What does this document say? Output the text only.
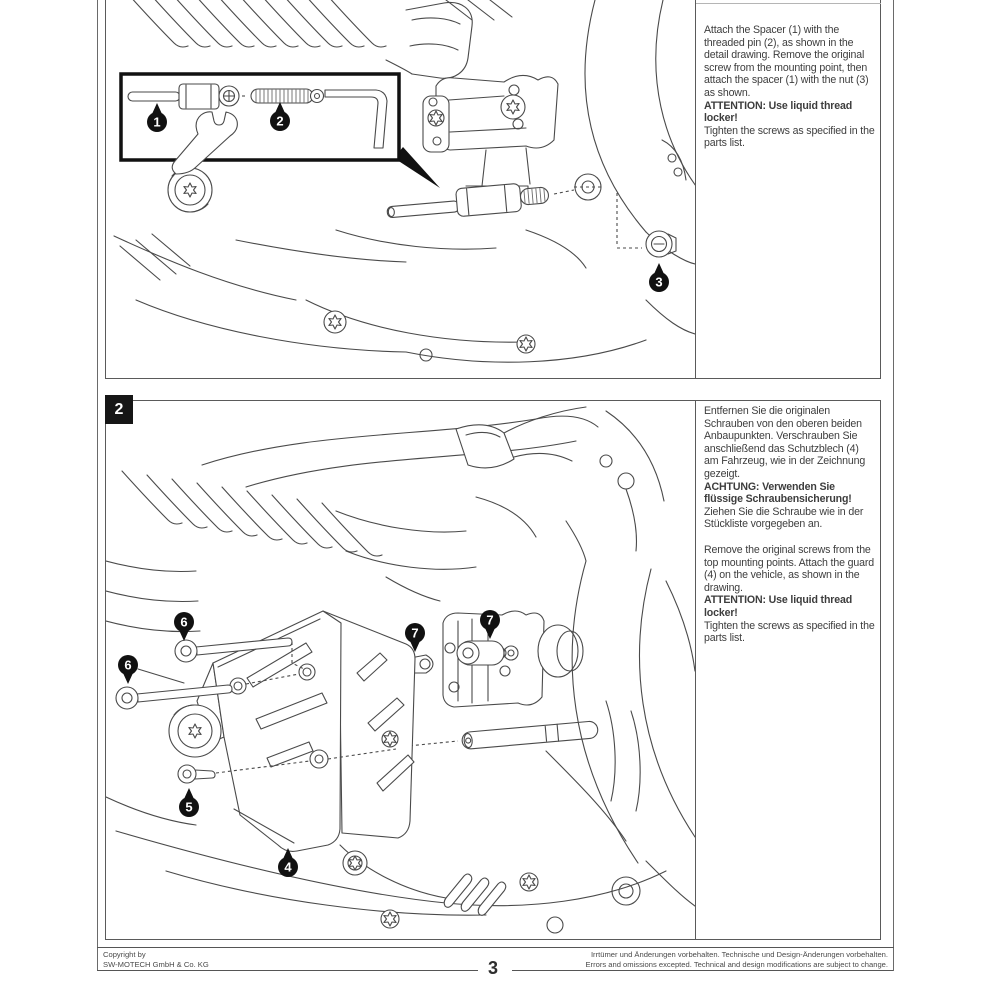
1	2
3

Attach the Spacer (1) with the threaded pin (2), as shown in the detail drawing. Remove the original screw from the mounting point, then attach the spacer (1) with the nut (3) as shown.

ATTENTION: Use liquid thread locker!

Tighten the screws as specified in the parts list.

2
6
6
5
4
7
7

Entfernen Sie die originalen Schrauben von den oberen beiden Anbaupunkten. Verschrauben Sie anschließend das Schutzblech (4) am Fahrzeug, wie in der Zeichnung gezeigt.

ACHTUNG: Verwenden Sie flüssige Schraubensicherung!

Ziehen Sie die Schraube wie in der Stückliste vorgegeben an.

Remove the original screws from the top mounting points. Attach the guard (4) on the vehicle, as shown in the drawing.

ATTENTION: Use liquid thread locker!

Tighten the screws as specified in the parts list.

Copyright by
SW-MOTECH GmbH & Co. KG	3
Irrtümer und Änderungen vorbehalten. Technische und Design-Änderungen vorbehalten.
Errors and omissions excepted. Technical and design modifications are subject to change.
